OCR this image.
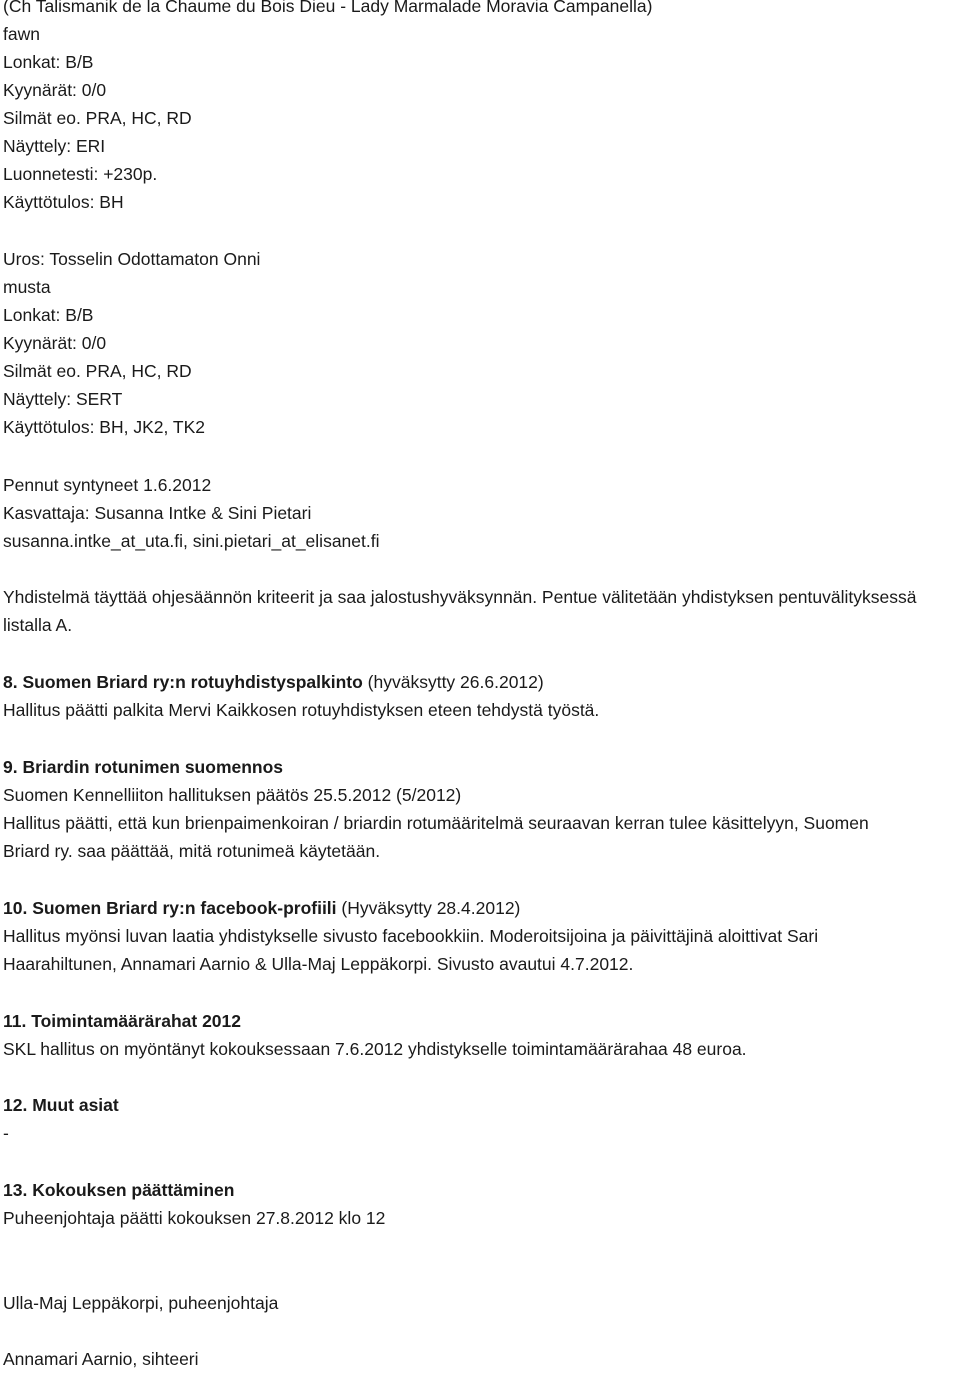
(Ch Talismanik de la Chaume du Bois Dieu - Lady Marmalade Moravia Campanella)
fawn
Lonkat: B/B
Kyynärät: 0/0
Silmät eo. PRA, HC, RD
Näyttely: ERI
Luonnetesti: +230p.
Käyttötulos: BH
Uros: Tosselin Odottamaton Onni
musta
Lonkat: B/B
Kyynärät: 0/0
Silmät eo. PRA, HC, RD
Näyttely: SERT
Käyttötulos: BH, JK2, TK2
Pennut syntyneet 1.6.2012
Kasvattaja: Susanna Intke & Sini Pietari
susanna.intke_at_uta.fi, sini.pietari_at_elisanet.fi
Yhdistelmä täyttää ohjesäännön kriteerit ja saa jalostushyväksynnän. Pentue välitetään yhdistyksen pentuvälityksessä
listalla A.
8. Suomen Briard ry:n rotuyhdistyspalkinto (hyväksytty 26.6.2012)
Hallitus päätti palkita Mervi Kaikkosen rotuyhdistyksen eteen tehdystä työstä.
9. Briardin rotunimen suomennos
Suomen Kennelliiton hallituksen päätös 25.5.2012 (5/2012)
Hallitus päätti, että kun brienpaimenkoiran / briardin rotumääritelmä seuraavan kerran tulee käsittelyyn, Suomen
Briard ry. saa päättää, mitä rotunimeä käytetään.
10. Suomen Briard ry:n facebook-profiili (Hyväksytty 28.4.2012)
Hallitus myönsi luvan laatia yhdistykselle sivusto facebookkiin. Moderoitsijoina ja päivittäjinä aloittivat Sari
Haarahiltunen, Annamari Aarnio & Ulla-Maj Leppäkorpi. Sivusto avautui 4.7.2012.
11. Toimintamäärärahat 2012
SKL hallitus on myöntänyt kokouksessaan 7.6.2012 yhdistykselle toimintamäärärahaa 48 euroa.
12. Muut asiat
-
13. Kokouksen päättäminen
Puheenjohtaja päätti kokouksen 27.8.2012 klo 12
Ulla-Maj Leppäkorpi, puheenjohtaja
Annamari Aarnio, sihteeri
